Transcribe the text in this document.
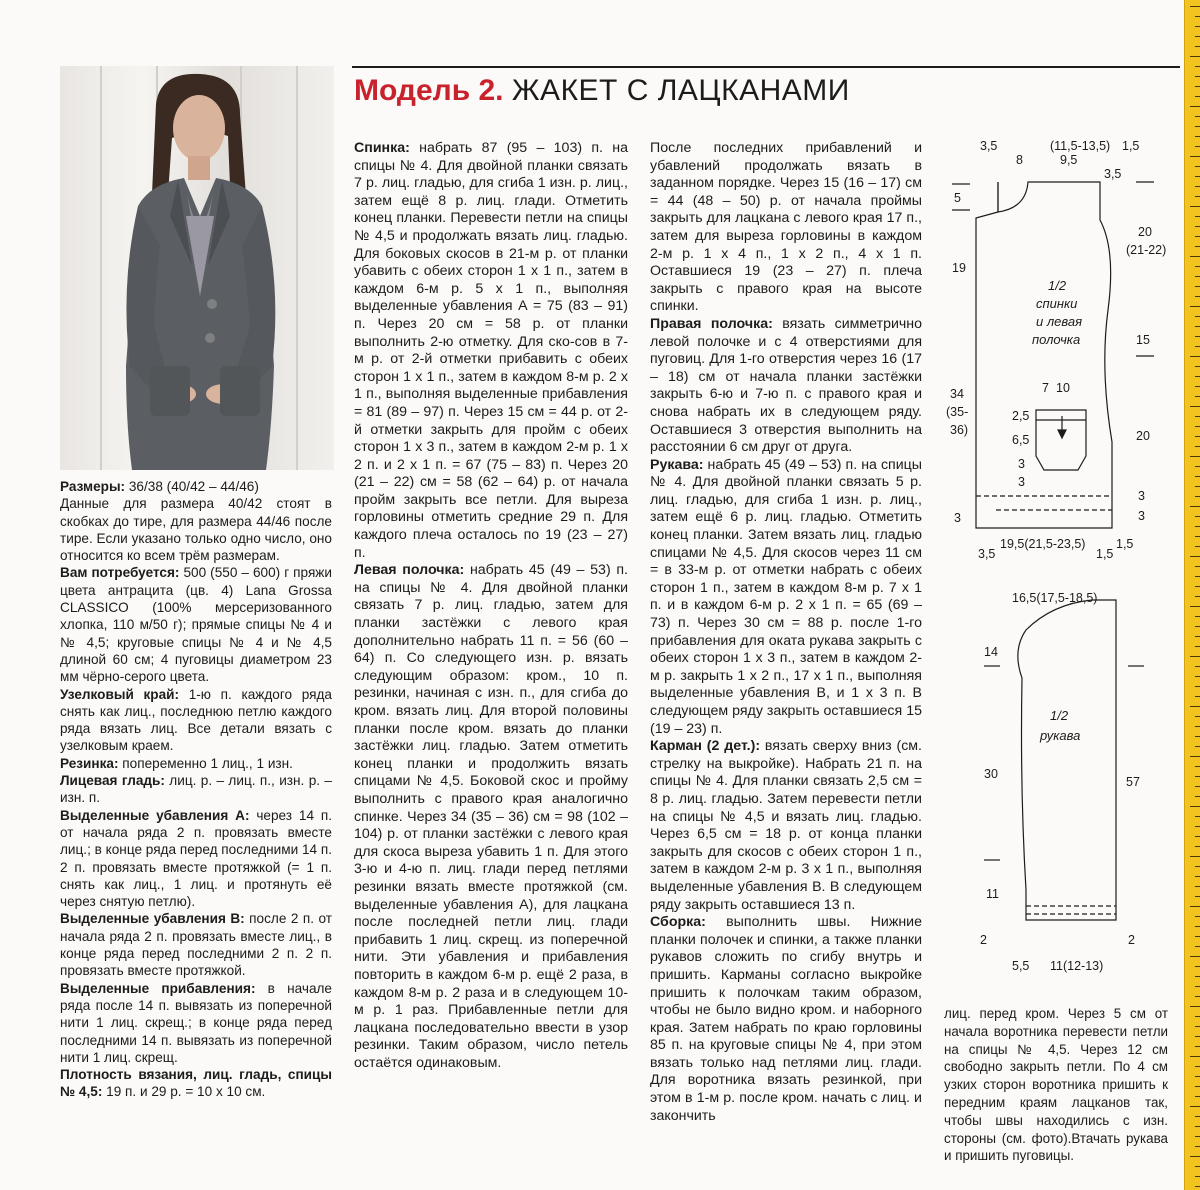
Модель 2. ЖАКЕТ С ЛАЦКАНАМИ

Размеры: 36/38 (40/42 – 44/46)

Данные для размера 40/42 стоят в скобках до тире, для размера 44/46 после тире. Если указано только одно число, оно относится ко всем трём размерам.

Вам потребуется: 500 (550 – 600) г пряжи цвета антрацита (цв. 4) Lana Grossa CLASSICO (100% мерсеризованного хлопка, 110 м/50 г); прямые спицы № 4 и № 4,5; круговые спицы № 4 и № 4,5 длиной 60 см; 4 пуговицы диаметром 23 мм чёрно-серого цвета.

Узелковый край: 1-ю п. каждого ряда снять как лиц., последнюю петлю каждого ряда вязать лиц. Все детали вязать с узелковым краем.

Резинка: попеременно 1 лиц., 1 изн.

Лицевая гладь: лиц. р. – лиц. п., изн. р. – изн. п.

Выделенные убавления А: через 14 п. от начала ряда 2 п. провязать вместе лиц.; в конце ряда перед последними 14 п. 2 п. провязать вместе протяжкой (= 1 п. снять как лиц., 1 лиц. и протянуть её через снятую петлю).

Выделенные убавления В: после 2 п. от начала ряда 2 п. провязать вместе лиц., в конце ряда перед последними 2 п. 2 п. провязать вместе протяжкой.

Выделенные прибавления: в начале ряда после 14 п. вывязать из поперечной нити 1 лиц. скрещ.; в конце ряда перед последними 14 п. вывязать из поперечной нити 1 лиц. скрещ.

Плотность вязания, лиц. гладь, спицы № 4,5: 19 п. и 29 р. = 10 х 10 см.

Спинка: набрать 87 (95 – 103) п. на спицы № 4. Для двойной планки связать 7 р. лиц. гладью, для сгиба 1 изн. р. лиц., затем ещё 8 р. лиц. глади. Отметить конец планки. Перевести петли на спицы № 4,5 и продолжать вязать лиц. гладью. Для боковых скосов в 21-м р. от планки убавить с обеих сторон 1 х 1 п., затем в каждом 6-м р. 5 х 1 п., выполняя выделенные убавления А = 75 (83 – 91) п. Через 20 см = 58 р. от планки выполнить 2-ю отметку. Для ско-сов в 7-м р. от 2-й отметки прибавить с обеих сторон 1 х 1 п., затем в каждом 8-м р. 2 х 1 п., выполняя выделенные прибавления = 81 (89 – 97) п. Через 15 см = 44 р. от 2-й отметки закрыть для пройм с обеих сторон 1 х 3 п., затем в каждом 2-м р. 1 х 2 п. и 2 х 1 п. = 67 (75 – 83) п. Через 20 (21 – 22) см = 58 (62 – 64) р. от начала пройм закрыть все петли. Для выреза горловины отметить средние 29 п. Для каждого плеча осталось по 19 (23 – 27) п.

Левая полочка: набрать 45 (49 – 53) п. на спицы № 4. Для двойной планки связать 7 р. лиц. гладью, затем для планки застёжки с левого края дополнительно набрать 11 п. = 56 (60 – 64) п. Со следующего изн. р. вязать следующим образом: кром., 10 п. резинки, начиная с изн. п., для сгиба до кром. вязать лиц. Для второй половины планки после кром. вязать до планки застёжки лиц. гладью. Затем отметить конец планки и продолжить вязать спицами № 4,5. Боковой скос и пройму выполнить с правого края аналогично спинке. Через 34 (35 – 36) см = 98 (102 – 104) р. от планки застёжки с левого края для скоса выреза убавить 1 п. Для этого 3-ю и 4-ю п. лиц. глади перед петлями резинки вязать вместе протяжкой (см. выделенные убавления А), для лацкана после последней петли лиц. глади прибавить 1 лиц. скрещ. из поперечной нити. Эти убавления и прибавления повторить в каждом 6-м р. ещё 2 раза, в каждом 8-м р. 2 раза и в следующем 10-м р. 1 раз. Прибавленные петли для лацкана последовательно ввести в узор резинки. Таким образом, число петель остаётся одинаковым.

После последних прибавлений и убавлений продолжать вязать в заданном порядке. Через 15 (16 – 17) см = 44 (48 – 50) р. от начала проймы закрыть для лацкана с левого края 17 п., затем для выреза горловины в каждом 2-м р. 1 х 4 п., 1 х 2 п., 4 х 1 п. Оставшиеся 19 (23 – 27) п. плеча закрыть с правого края на высоте спинки.

Правая полочка: вязать симметрично левой полочке и с 4 отверстиями для пуговиц. Для 1-го отверстия через 16 (17 – 18) см от начала планки застёжки закрыть 6-ю и 7-ю п. с правого края и снова набрать их в следующем ряду. Оставшиеся 3 отверстия выполнить на расстоянии 6 см друг от друга.

Рукава: набрать 45 (49 – 53) п. на спицы № 4. Для двойной планки связать 5 р. лиц. гладью, для сгиба 1 изн. р. лиц., затем ещё 6 р. лиц. гладью. Отметить конец планки. Затем вязать лиц. гладью спицами № 4,5. Для скосов через 11 см = в 33-м р. от отметки набрать с обеих сторон 1 п., затем в каждом 8-м р. 7 х 1 п. и в каждом 6-м р. 2 х 1 п. = 65 (69 – 73) п. Через 30 см = 88 р. после 1-го прибавления для оката рукава закрыть с обеих сторон 1 х 3 п., затем в каждом 2-м р. закрыть 1 х 2 п., 17 х 1 п., выполняя выделенные убавления В, и 1 х 3 п. В следующем ряду закрыть оставшиеся 15 (19 – 23) п.

Карман (2 дет.): вязать сверху вниз (см. стрелку на выкройке). Набрать 21 п. на спицы № 4. Для планки связать 2,5 см = 8 р. лиц. гладью. Затем перевести петли на спицы № 4,5 и вязать лиц. гладью. Через 6,5 см = 18 р. от конца планки закрыть для скосов с обеих сторон 1 п., затем в каждом 2-м р. 3 х 1 п., выполняя выделенные убавления В. В следующем ряду закрыть оставшиеся 13 п.

Сборка: выполнить швы. Нижние планки полочек и спинки, а также планки рукавов сложить по сгибу внутрь и пришить. Карманы согласно выкройке пришить к полочкам таким образом, чтобы не было видно кром. и наборного края. Затем набрать по краю горловины 85 п. на круговые спицы № 4, при этом вязать только над петлями лиц. глади. Для воротника вязать резинкой, при этом в 1-м р. после кром. начать с лиц. и закончить

лиц. перед кром. Через 5 см от начала воротника перевести петли на спицы № 4,5. Через 12 см свободно закрыть петли. По 4 см узких сторон воротника пришить к передним краям лацканов так, чтобы швы находились с изн. стороны (см. фото).Втачать рукава и пришить пуговицы.

3,5
8
(11,5-13,5) 1,5
9,5
3,5
5
19
34
(35-
36)
3
20
(21-22)
15
20
3
3
7 10
2,5
6,5
3
3
3,5
19,5(21,5-23,5)
1,5
1,5
1/2
спинки
и левая
полочка
16,5(17,5-18,5)
14
30
11
2
57
2
5,5 11(12-13)
1/2
рукава
